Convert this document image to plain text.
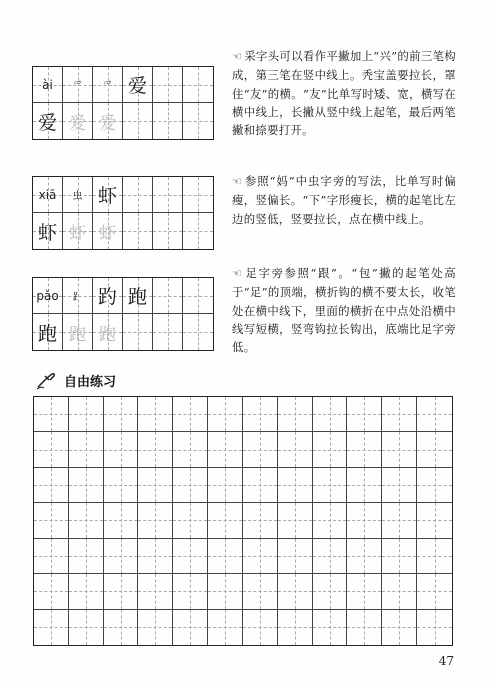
ài 爫 爫 爱
爱 爱 爱
☜ 采字头可以看作平撇加上“兴”的前三笔构成，第三笔在竖中线上。秃宝盖要拉长，罩住“友”的横。“友”比单写时矮、宽，横写在横中线上，长撇从竖中线上起笔，最后两笔撇和捺要打开。
xiā 虫 虾
虾 虾 虾
☜ 参照“妈”中虫字旁的写法，比单写时偏瘦，竖偏长。“下”字形瘦长，横的起笔比左边的竖低，竖要拉长，点在横中线上。
pǎo ⻊ 趵 跑
跑 跑 跑
☜ 足字旁参照“跟”。“包”撇的起笔处高于“足”的顶端，横折钩的横不要太长，收笔处在横中线下，里面的横折在中点处沿横中线写短横，竖弯钩拉长钩出，底端比足字旁低。
自由练习
47
